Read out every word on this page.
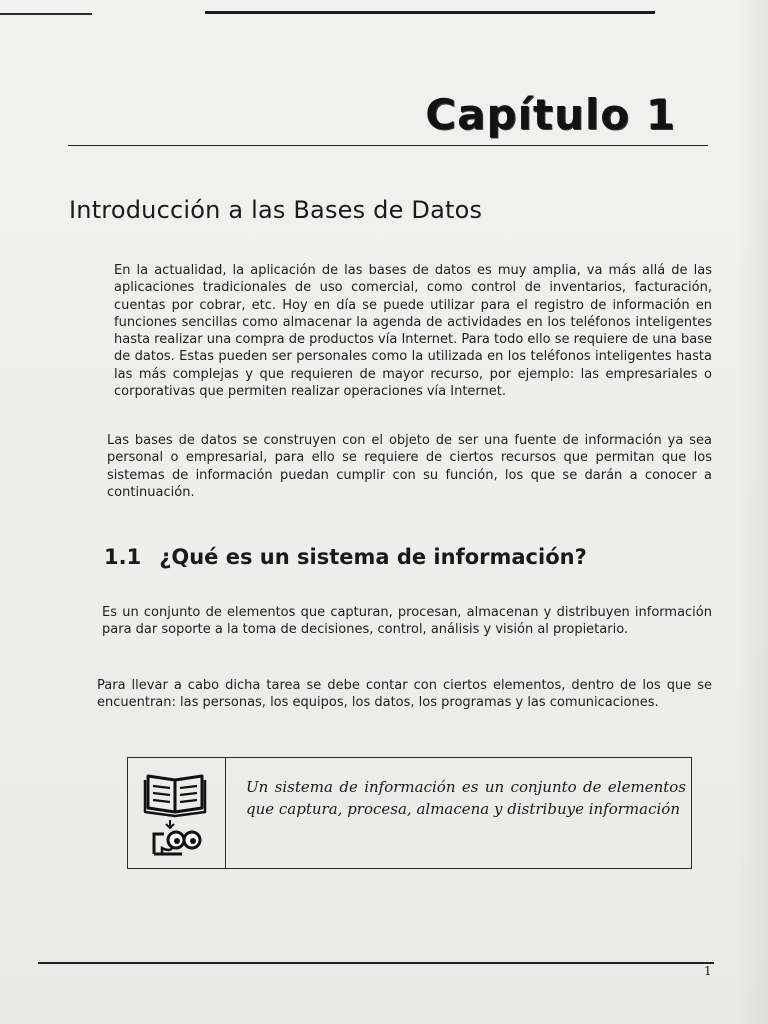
Capítulo 1
Introducción a las Bases de Datos

En la actualidad, la aplicación de las bases de datos es muy amplia, va más allá de las aplicaciones tradicionales de uso comercial, como control de inventarios, facturación, cuentas por cobrar, etc. Hoy en día se puede utilizar para el registro de información en funciones sencillas como almacenar la agenda de actividades en los teléfonos inteligentes hasta realizar una compra de productos vía Internet. Para todo ello se requiere de una base de datos. Estas pueden ser personales como la utilizada en los teléfonos inteligentes hasta las más complejas y que requieren de mayor recurso, por ejemplo: las empresariales o corporativas que permiten realizar operaciones vía Internet.

Las bases de datos se construyen con el objeto de ser una fuente de información ya sea personal o empresarial, para ello se requiere de ciertos recursos que permitan que los sistemas de información puedan cumplir con su función, los que se darán a conocer a continuación.

1.1 ¿Qué es un sistema de información?

Es un conjunto de elementos que capturan, procesan, almacenan y distribuyen información para dar soporte a la toma de decisiones, control, análisis y visión al propietario.

Para llevar a cabo dicha tarea se debe contar con ciertos elementos, dentro de los que se encuentran: las personas, los equipos, los datos, los programas y las comunicaciones.

Un sistema de información es un conjunto de elementos que captura, procesa, almacena y distribuye información
1
